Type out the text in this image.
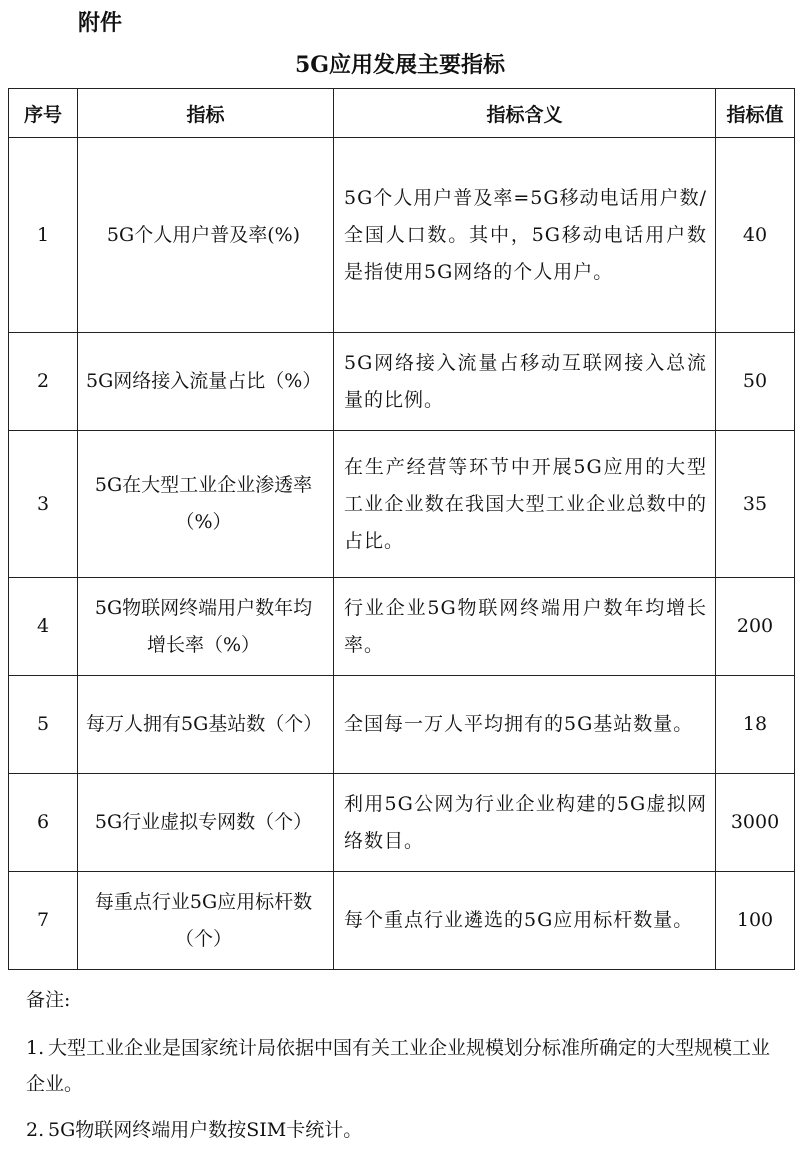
附件
5G应用发展主要指标
序号	指标	指标含义	指标值
1	5G个人用户普及率(%)	5G个人用户普及率=5G移动电话用户数/全国人口数。其中，5G移动电话用户数是指使用5G网络的个人用户。	40
2	5G网络接入流量占比（%）	5G网络接入流量占移动互联网接入总流量的比例。	50
3	5G在大型工业企业渗透率（%）	在生产经营等环节中开展5G应用的大型工业企业数在我国大型工业企业总数中的占比。	35
4	5G物联网终端用户数年均增长率（%）	行业企业5G物联网终端用户数年均增长率。	200
5	每万人拥有5G基站数（个）	全国每一万人平均拥有的5G基站数量。	18
6	5G行业虚拟专网数（个）	利用5G公网为行业企业构建的5G虚拟网络数目。	3000
7	每重点行业5G应用标杆数（个）	每个重点行业遴选的5G应用标杆数量。	100

备注:

1. 大型工业企业是国家统计局依据中国有关工业企业规模划分标准所确定的大型规模工业企业。

2. 5G物联网终端用户数按SIM卡统计。
